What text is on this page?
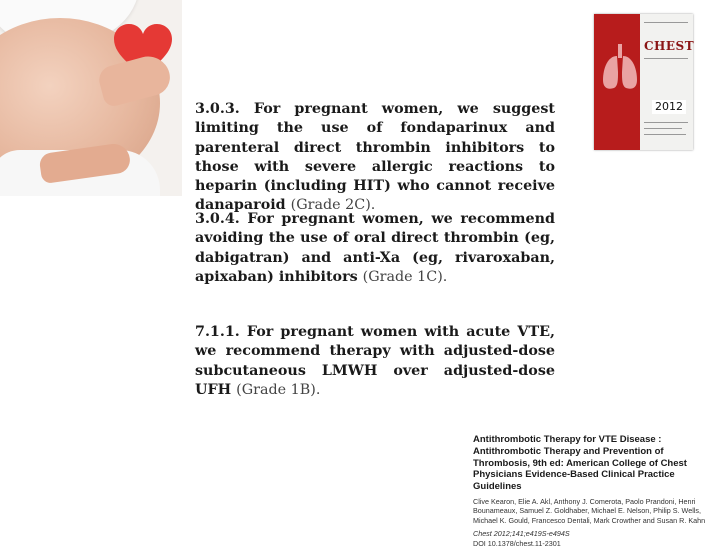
3.0.3. For pregnant women, we suggest limiting the use of fondaparinux and parenteral direct thrombin inhibitors to those with severe allergic reactions to heparin (including HIT) who cannot receive danaparoid (Grade 2C).

3.0.4. For pregnant women, we recommend avoiding the use of oral direct thrombin (eg, dabigatran) and anti-Xa (eg, rivaroxaban, apixaban) inhibitors (Grade 1C).

7.1.1. For pregnant women with acute VTE, we recommend therapy with adjusted-dose subcutaneous LMWH over adjusted-dose UFH (Grade 1B).

CHEST
2012

Antithrombotic Therapy for VTE Disease : Antithrombotic Therapy and Prevention of Thrombosis, 9th ed: American College of Chest Physicians Evidence-Based Clinical Practice Guidelines

Clive Kearon, Elie A. Akl, Anthony J. Comerota, Paolo Prandoni, Henri Bounameaux, Samuel Z. Goldhaber, Michael E. Nelson, Philip S. Wells, Michael K. Gould, Francesco Dentali, Mark Crowther and Susan R. Kahn

Chest 2012;141;e419S-e494S

DOI 10.1378/chest.11-2301
